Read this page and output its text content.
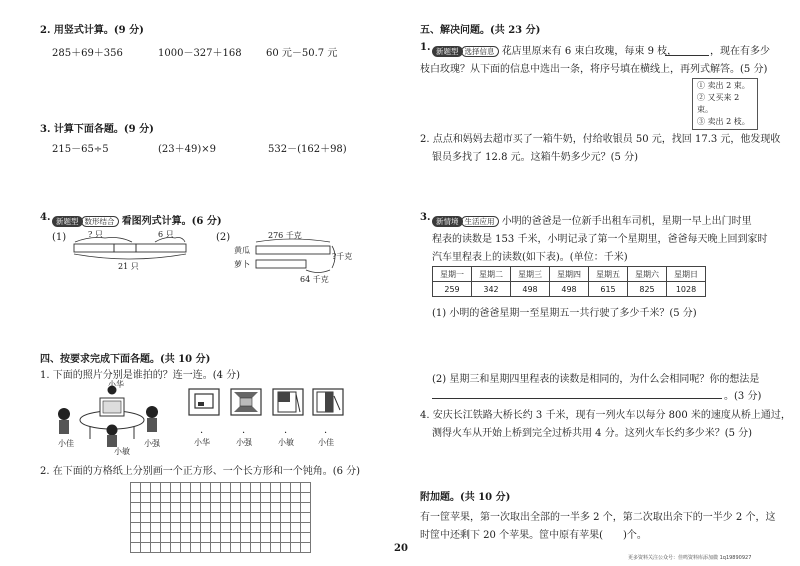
2. 用竖式计算。(9 分)
285＋69＋356	1000－327＋168 60 元－50.7 元
3. 计算下面各题。(9 分)
215－65÷5	(23＋49)×9	532－(162＋98)
4. 新题型 数形结合 看图列式计算。(6 分)
(1)	? 只	6 只
21 只
(2)	276 千克
黄瓜
萝卜
?千克
64 千克
四、按要求完成下面各题。(共 10 分)
1. 下面的照片分别是谁拍的？连一连。(4 分)
小华
小佳
小敏
小强
·	·	·	·
小华	小强	小敏	小佳
2. 在下面的方格纸上分别画一个正方形、一个长方形和一个钝角。(6 分)
20
五、解决问题。(共 23 分)
1. 新题型 选择信息 花店里原来有 6 束白玫瑰，每束 9 枝，	，现在有多少
枝白玫瑰？从下面的信息中选出一条，将序号填在横线上，再列式解答。(5 分)
① 卖出 2 束。
② 又买来 2 束。
③ 卖出 2 枝。
2. 点点和妈妈去超市买了一箱牛奶，付给收银员 50 元，找回 17.3 元，他发现收
银员多找了 12.8 元。这箱牛奶多少元？(5 分)
3. 新情境 生活应用 小明的爸爸是一位新手出租车司机，星期一早上出门时里
程表的读数是 153 千米，小明记录了第一个星期里，爸爸每天晚上回到家时
汽车里程表上的读数(如下表)。(单位：千米)
星期一	星期二	星期三	星期四	星期五	星期六	星期日
259	342	498	498	615	825	1028
(1) 小明的爸爸星期一至星期五一共行驶了多少千米？(5 分)
(2) 星期三和星期四里程表的读数是相同的，为什么会相同呢？你的想法是
。(3 分)
4. 安庆长江铁路大桥长约 3 千米，现有一列火车以每分 800 米的速度从桥上通过，
测得火车从开始上桥到完全过桥共用 4 分。这列火车长约多少米？(5 分)
附加题。(共 10 分)
有一筐苹果，第一次取出全部的一半多 2 个，第二次取出余下的一半少 2 个，这
时筐中还剩下 20 个苹果。筐中原有苹果(　　)个。
更多资料关注公众号：佳鸣资料库添加微 1q19890927
